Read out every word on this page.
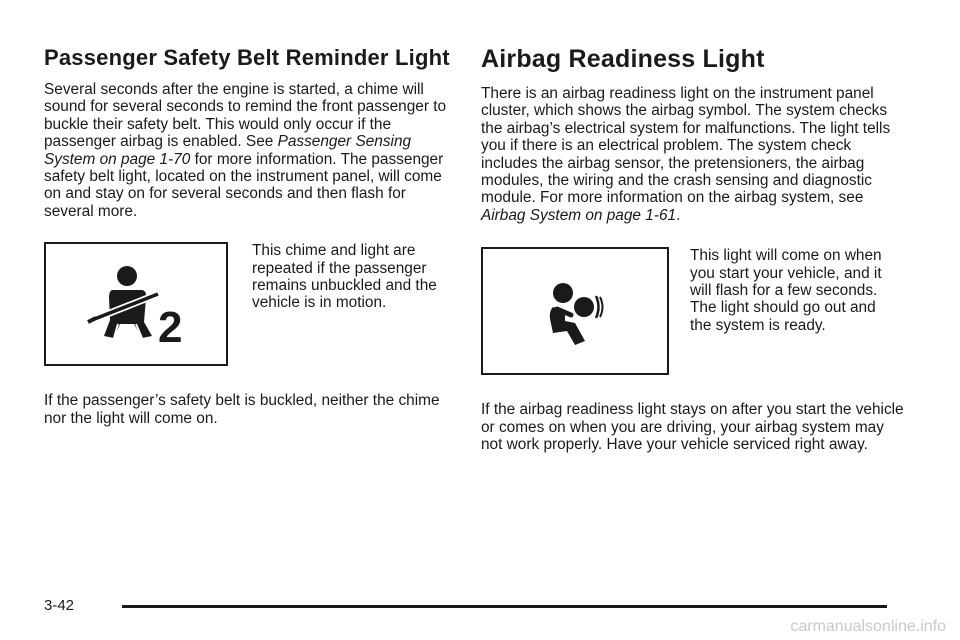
Passenger Safety Belt Reminder Light

Several seconds after the engine is started, a chime will sound for several seconds to remind the front passenger to buckle their safety belt. This would only occur if the passenger airbag is enabled. See Passenger Sensing System on page 1-70 for more information. The passenger safety belt light, located on the instrument panel, will come on and stay on for several seconds and then flash for several more.

2

This chime and light are repeated if the passenger remains unbuckled and the vehicle is in motion.

If the passenger’s safety belt is buckled, neither the chime nor the light will come on.

Airbag Readiness Light

There is an airbag readiness light on the instrument panel cluster, which shows the airbag symbol. The system checks the airbag’s electrical system for malfunctions. The light tells you if there is an electrical problem. The system check includes the airbag sensor, the pretensioners, the airbag modules, the wiring and the crash sensing and diagnostic module. For more information on the airbag system, see Airbag System on page 1-61.

This light will come on when you start your vehicle, and it will flash for a few seconds. The light should go out and the system is ready.

If the airbag readiness light stays on after you start the vehicle or comes on when you are driving, your airbag system may not work properly. Have your vehicle serviced right away.

3-42
carmanualsonline.info
